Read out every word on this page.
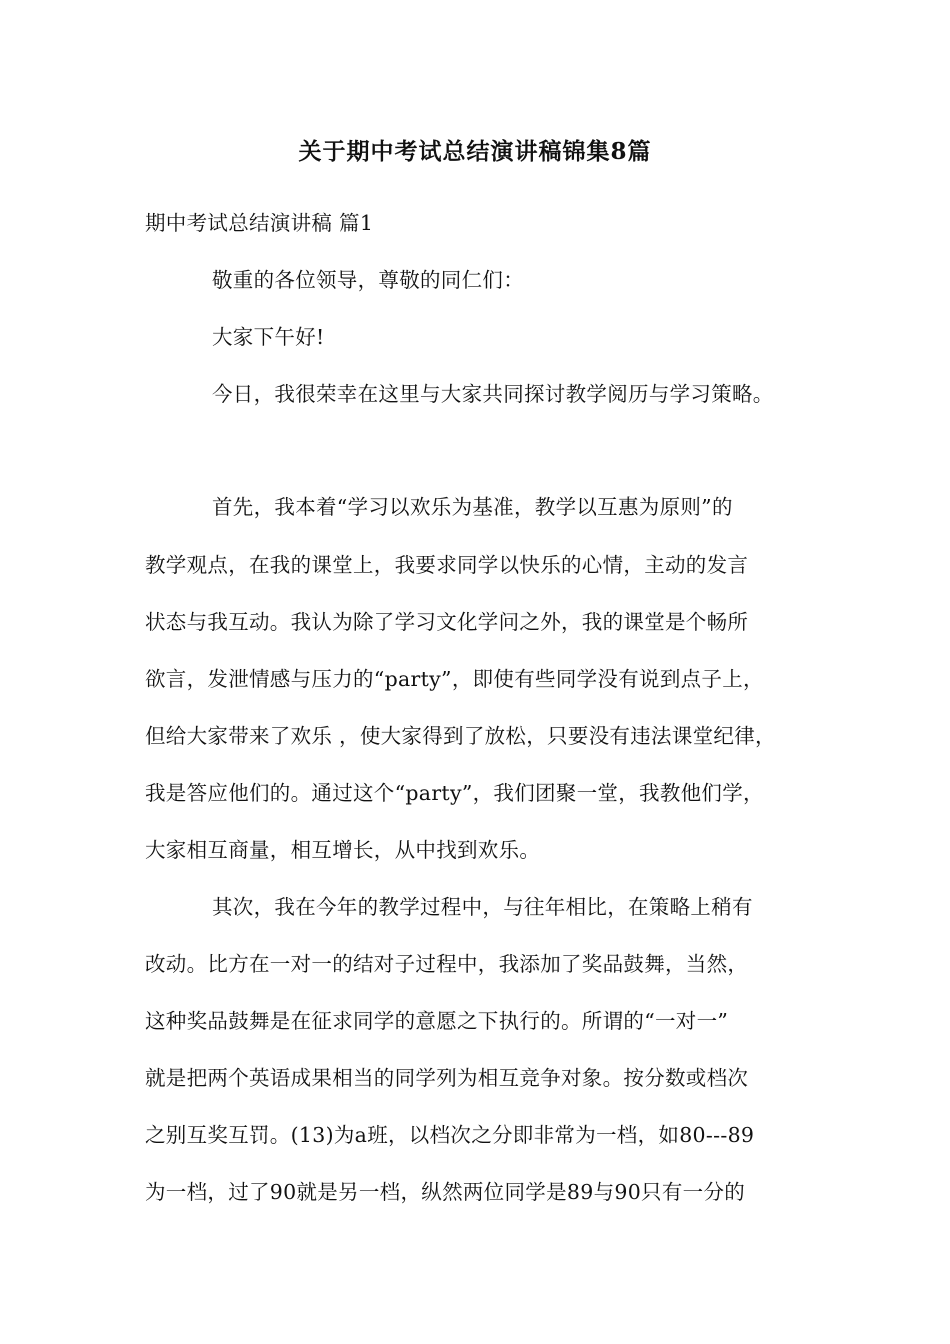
关于期中考试总结演讲稿锦集8篇
期中考试总结演讲稿 篇1
敬重的各位领导，尊敬的同仁们：
大家下午好!
今日，我很荣幸在这里与大家共同探讨教学阅历与学习策略。
首先，我本着“学习以欢乐为基准，教学以互惠为原则”的
教学观点，在我的课堂上，我要求同学以快乐的心情，主动的发言
状态与我互动。我认为除了学习文化学问之外，我的课堂是个畅所
欲言，发泄情感与压力的“party”，即使有些同学没有说到点子上，
但给大家带来了欢乐 ，使大家得到了放松，只要没有违法课堂纪律，
我是答应他们的。通过这个“party”，我们团聚一堂，我教他们学，
大家相互商量，相互增长，从中找到欢乐。
其次，我在今年的教学过程中，与往年相比，在策略上稍有
改动。比方在一对一的结对子过程中，我添加了奖品鼓舞，当然，
这种奖品鼓舞是在征求同学的意愿之下执行的。所谓的“一对一”
就是把两个英语成果相当的同学列为相互竞争对象。按分数或档次
之别互奖互罚。(13)为a班，以档次之分即非常为一档，如80---89
为一档，过了90就是另一档，纵然两位同学是89与90只有一分的
